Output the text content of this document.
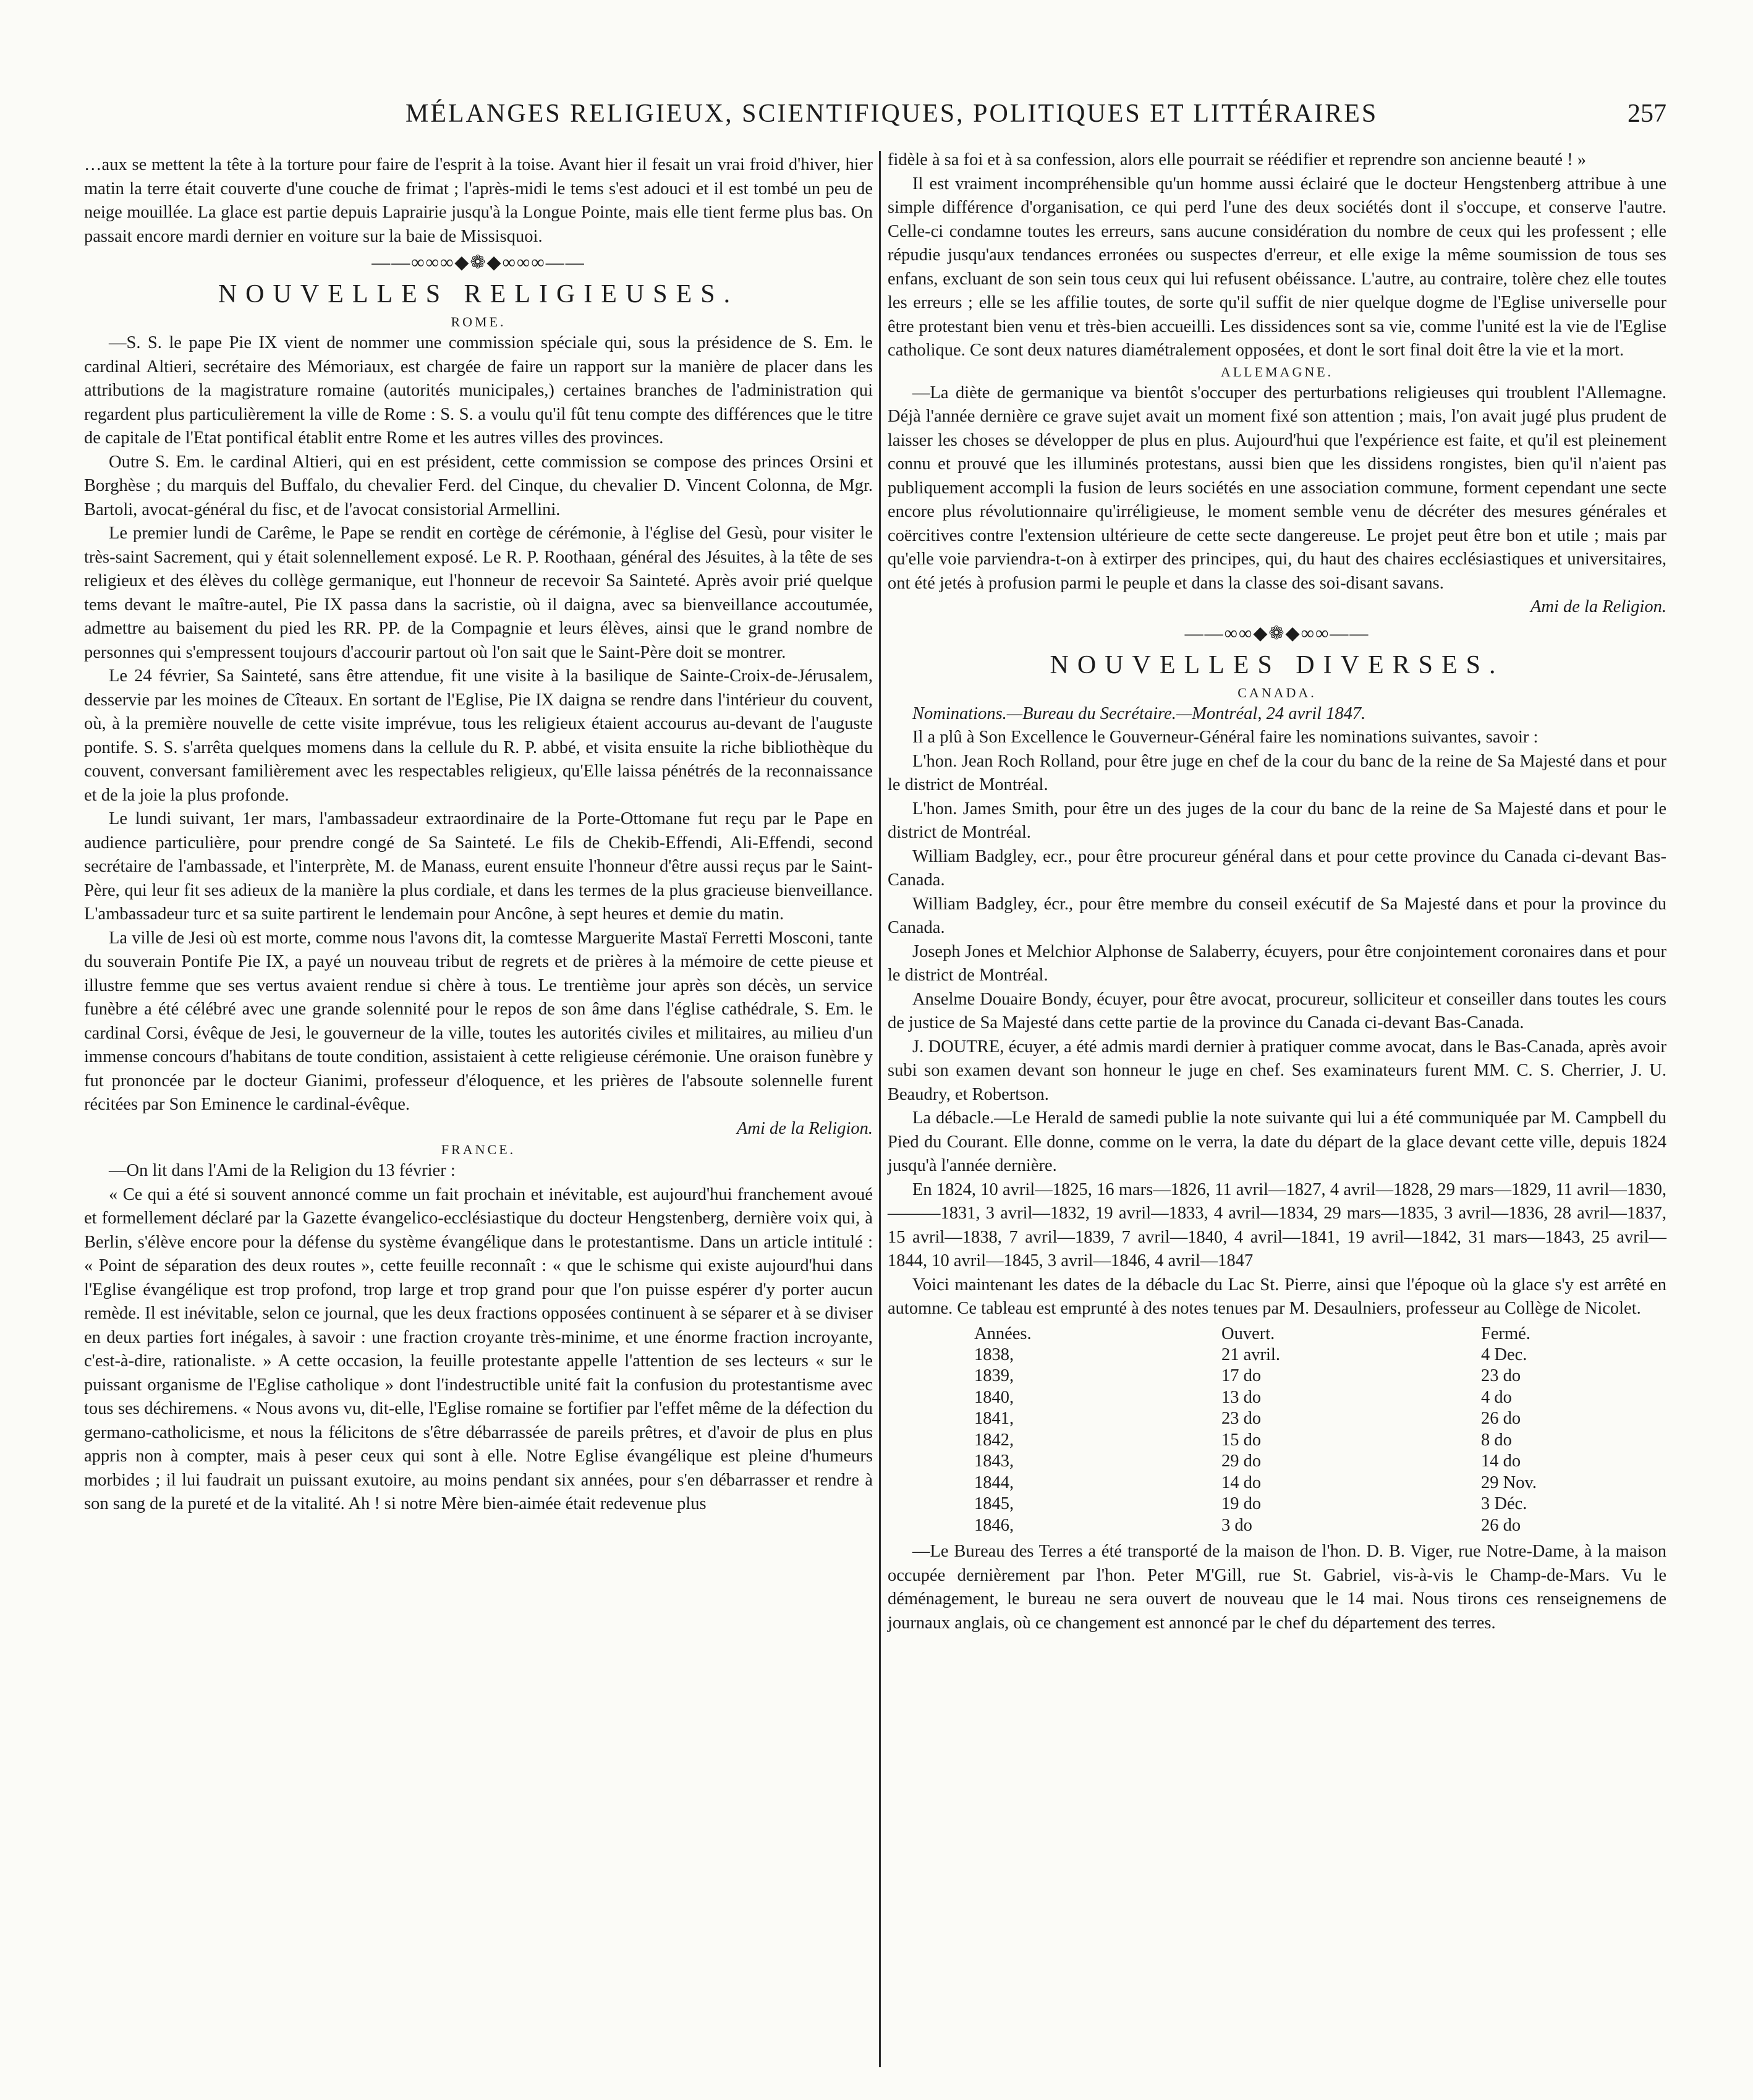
MÉLANGES RELIGIEUX, SCIENTIFIQUES, POLITIQUES ET LITTÉRAIRES	257

…aux se mettent la tête à la torture pour faire de l'esprit à la toise. Avant hier il fesait un vrai froid d'hiver, hier matin la terre était couverte d'une couche de frimat ; l'après-midi le tems s'est adouci et il est tombé un peu de neige mouillée. La glace est partie depuis Laprairie jusqu'à la Longue Pointe, mais elle tient ferme plus bas. On passait encore mardi dernier en voiture sur la baie de Missisquoi.

——∞∞∞◆❁◆∞∞∞——
NOUVELLES RELIGIEUSES.
ROME.

—S. S. le pape Pie IX vient de nommer une commission spéciale qui, sous la présidence de S. Em. le cardinal Altieri, secrétaire des Mémoriaux, est chargée de faire un rapport sur la manière de placer dans les attributions de la magistrature romaine (autorités municipales,) certaines branches de l'administration qui regardent plus particulièrement la ville de Rome : S. S. a voulu qu'il fût tenu compte des différences que le titre de capitale de l'Etat pontifical établit entre Rome et les autres villes des provinces.

Outre S. Em. le cardinal Altieri, qui en est président, cette commission se compose des princes Orsini et Borghèse ; du marquis del Buffalo, du chevalier Ferd. del Cinque, du chevalier D. Vincent Colonna, de Mgr. Bartoli, avocat-général du fisc, et de l'avocat consistorial Armellini.

Le premier lundi de Carême, le Pape se rendit en cortège de cérémonie, à l'église del Gesù, pour visiter le très-saint Sacrement, qui y était solennellement exposé. Le R. P. Roothaan, général des Jésuites, à la tête de ses religieux et des élèves du collège germanique, eut l'honneur de recevoir Sa Sainteté. Après avoir prié quelque tems devant le maître-autel, Pie IX passa dans la sacristie, où il daigna, avec sa bienveillance accoutumée, admettre au baisement du pied les RR. PP. de la Compagnie et leurs élèves, ainsi que le grand nombre de personnes qui s'empressent toujours d'accourir partout où l'on sait que le Saint-Père doit se montrer.

Le 24 février, Sa Sainteté, sans être attendue, fit une visite à la basilique de Sainte-Croix-de-Jérusalem, desservie par les moines de Cîteaux. En sortant de l'Eglise, Pie IX daigna se rendre dans l'intérieur du couvent, où, à la première nouvelle de cette visite imprévue, tous les religieux étaient accourus au-devant de l'auguste pontife. S. S. s'arrêta quelques momens dans la cellule du R. P. abbé, et visita ensuite la riche bibliothèque du couvent, conversant familièrement avec les respectables religieux, qu'Elle laissa pénétrés de la reconnaissance et de la joie la plus profonde.

Le lundi suivant, 1er mars, l'ambassadeur extraordinaire de la Porte-Ottomane fut reçu par le Pape en audience particulière, pour prendre congé de Sa Sainteté. Le fils de Chekib-Effendi, Ali-Effendi, second secrétaire de l'ambassade, et l'interprète, M. de Manass, eurent ensuite l'honneur d'être aussi reçus par le Saint-Père, qui leur fit ses adieux de la manière la plus cordiale, et dans les termes de la plus gracieuse bienveillance. L'ambassadeur turc et sa suite partirent le lendemain pour Ancône, à sept heures et demie du matin.

La ville de Jesi où est morte, comme nous l'avons dit, la comtesse Marguerite Mastaï Ferretti Mosconi, tante du souverain Pontife Pie IX, a payé un nouveau tribut de regrets et de prières à la mémoire de cette pieuse et illustre femme que ses vertus avaient rendue si chère à tous. Le trentième jour après son décès, un service funèbre a été célébré avec une grande solennité pour le repos de son âme dans l'église cathédrale, S. Em. le cardinal Corsi, évêque de Jesi, le gouverneur de la ville, toutes les autorités civiles et militaires, au milieu d'un immense concours d'habitans de toute condition, assistaient à cette religieuse cérémonie. Une oraison funèbre y fut prononcée par le docteur Gianimi, professeur d'éloquence, et les prières de l'absoute solennelle furent récitées par Son Eminence le cardinal-évêque.

Ami de la Religion.
FRANCE.

—On lit dans l'Ami de la Religion du 13 février :

« Ce qui a été si souvent annoncé comme un fait prochain et inévitable, est aujourd'hui franchement avoué et formellement déclaré par la Gazette évangelico-ecclésiastique du docteur Hengstenberg, dernière voix qui, à Berlin, s'élève encore pour la défense du système évangélique dans le protestantisme. Dans un article intitulé : « Point de séparation des deux routes », cette feuille reconnaît : « que le schisme qui existe aujourd'hui dans l'Eglise évangélique est trop profond, trop large et trop grand pour que l'on puisse espérer d'y porter aucun remède. Il est inévitable, selon ce journal, que les deux fractions opposées continuent à se séparer et à se diviser en deux parties fort inégales, à savoir : une fraction croyante très-minime, et une énorme fraction incroyante, c'est-à-dire, rationaliste. » A cette occasion, la feuille protestante appelle l'attention de ses lecteurs « sur le puissant organisme de l'Eglise catholique » dont l'indestructible unité fait la confusion du protestantisme avec tous ses déchiremens. « Nous avons vu, dit-elle, l'Eglise romaine se fortifier par l'effet même de la défection du germano-catholicisme, et nous la félicitons de s'être débarrassée de pareils prêtres, et d'avoir de plus en plus appris non à compter, mais à peser ceux qui sont à elle. Notre Eglise évangélique est pleine d'humeurs morbides ; il lui faudrait un puissant exutoire, au moins pendant six années, pour s'en débarrasser et rendre à son sang de la pureté et de la vitalité. Ah ! si notre Mère bien-aimée était redevenue plus

fidèle à sa foi et à sa confession, alors elle pourrait se réédifier et reprendre son ancienne beauté ! »

Il est vraiment incompréhensible qu'un homme aussi éclairé que le docteur Hengstenberg attribue à une simple différence d'organisation, ce qui perd l'une des deux sociétés dont il s'occupe, et conserve l'autre. Celle-ci condamne toutes les erreurs, sans aucune considération du nombre de ceux qui les professent ; elle répudie jusqu'aux tendances erronées ou suspectes d'erreur, et elle exige la même soumission de tous ses enfans, excluant de son sein tous ceux qui lui refusent obéissance. L'autre, au contraire, tolère chez elle toutes les erreurs ; elle se les affilie toutes, de sorte qu'il suffit de nier quelque dogme de l'Eglise universelle pour être protestant bien venu et très-bien accueilli. Les dissidences sont sa vie, comme l'unité est la vie de l'Eglise catholique. Ce sont deux natures diamétralement opposées, et dont le sort final doit être la vie et la mort.

ALLEMAGNE.

—La diète de germanique va bientôt s'occuper des perturbations religieuses qui troublent l'Allemagne. Déjà l'année dernière ce grave sujet avait un moment fixé son attention ; mais, l'on avait jugé plus prudent de laisser les choses se développer de plus en plus. Aujourd'hui que l'expérience est faite, et qu'il est pleinement connu et prouvé que les illuminés protestans, aussi bien que les dissidens rongistes, bien qu'il n'aient pas publiquement accompli la fusion de leurs sociétés en une association commune, forment cependant une secte encore plus révolutionnaire qu'irréligieuse, le moment semble venu de décréter des mesures générales et coërcitives contre l'extension ultérieure de cette secte dangereuse. Le projet peut être bon et utile ; mais par qu'elle voie parviendra-t-on à extirper des principes, qui, du haut des chaires ecclésiastiques et universitaires, ont été jetés à profusion parmi le peuple et dans la classe des soi-disant savans.

Ami de la Religion.
——∞∞◆❁◆∞∞——
NOUVELLES DIVERSES.
CANADA.

Nominations.—Bureau du Secrétaire.—Montréal, 24 avril 1847.

Il a plû à Son Excellence le Gouverneur-Général faire les nominations suivantes, savoir :

L'hon. Jean Roch Rolland, pour être juge en chef de la cour du banc de la reine de Sa Majesté dans et pour le district de Montréal.

L'hon. James Smith, pour être un des juges de la cour du banc de la reine de Sa Majesté dans et pour le district de Montréal.

William Badgley, ecr., pour être procureur général dans et pour cette province du Canada ci-devant Bas-Canada.

William Badgley, écr., pour être membre du conseil exécutif de Sa Majesté dans et pour la province du Canada.

Joseph Jones et Melchior Alphonse de Salaberry, écuyers, pour être conjointement coronaires dans et pour le district de Montréal.

Anselme Douaire Bondy, écuyer, pour être avocat, procureur, solliciteur et conseiller dans toutes les cours de justice de Sa Majesté dans cette partie de la province du Canada ci-devant Bas-Canada.

J. DOUTRE, écuyer, a été admis mardi dernier à pratiquer comme avocat, dans le Bas-Canada, après avoir subi son examen devant son honneur le juge en chef. Ses examinateurs furent MM. C. S. Cherrier, J. U. Beaudry, et Robertson.

La débacle.—Le Herald de samedi publie la note suivante qui lui a été communiquée par M. Campbell du Pied du Courant. Elle donne, comme on le verra, la date du départ de la glace devant cette ville, depuis 1824 jusqu'à l'année dernière.

En 1824, 10 avril—1825, 16 mars—1826, 11 avril—1827, 4 avril—1828, 29 mars—1829, 11 avril—1830,———1831, 3 avril—1832, 19 avril—1833, 4 avril—1834, 29 mars—1835, 3 avril—1836, 28 avril—1837, 15 avril—1838, 7 avril—1839, 7 avril—1840, 4 avril—1841, 19 avril—1842, 31 mars—1843, 25 avril—1844, 10 avril—1845, 3 avril—1846, 4 avril—1847

Voici maintenant les dates de la débacle du Lac St. Pierre, ainsi que l'époque où la glace s'y est arrêté en automne. Ce tableau est emprunté à des notes tenues par M. Desaulniers, professeur au Collège de Nicolet.

Années.	Ouvert.	Fermé.
1838,	21 avril.	4 Dec.
1839,	17 do	23 do
1840,	13 do	4 do
1841,	23 do	26 do
1842,	15 do	8 do
1843,	29 do	14 do
1844,	14 do	29 Nov.
1845,	19 do	3 Déc.
1846,	3 do	26 do

—Le Bureau des Terres a été transporté de la maison de l'hon. D. B. Viger, rue Notre-Dame, à la maison occupée dernièrement par l'hon. Peter M'Gill, rue St. Gabriel, vis-à-vis le Champ-de-Mars. Vu le déménagement, le bureau ne sera ouvert de nouveau que le 14 mai. Nous tirons ces renseignemens de journaux anglais, où ce changement est annoncé par le chef du département des terres.
